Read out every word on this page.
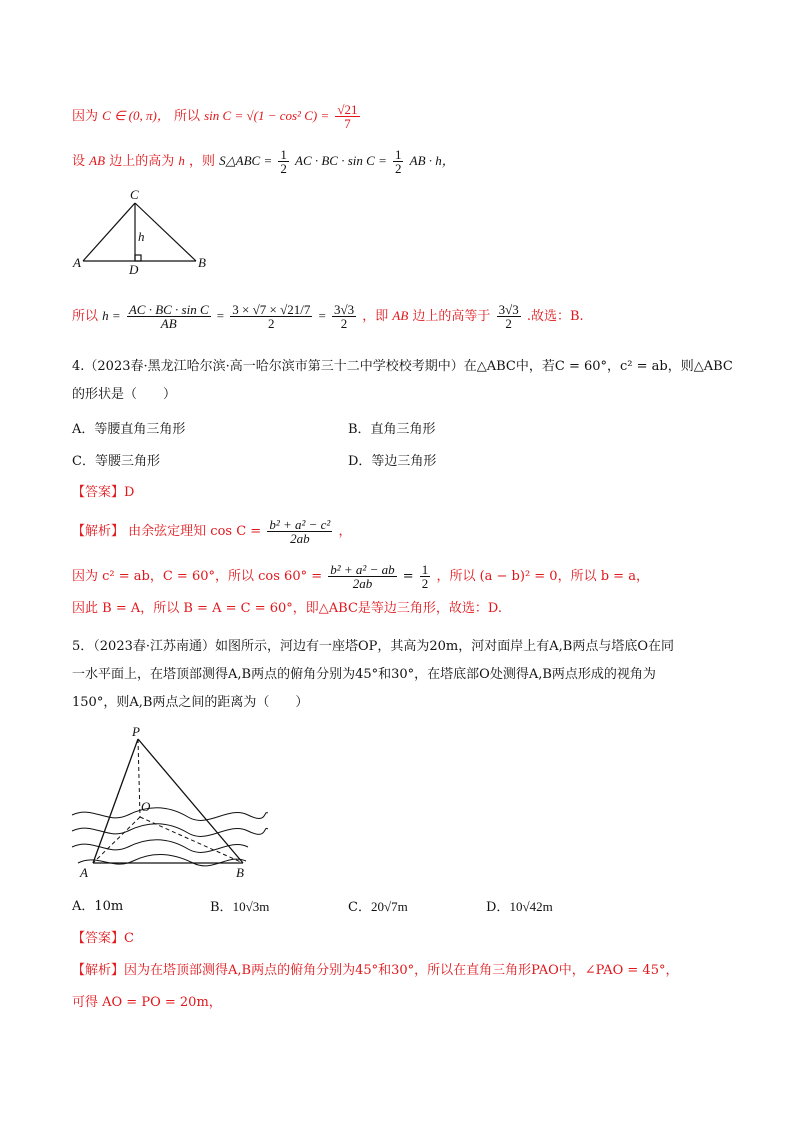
因为 C ∈ (0, π)， 所以 sin C = √(1 − cos² $C) = \frac{√21}{7}$
设 AB 边上的高为 h ，则 S△ABC = $\frac{1}{2}$ AC · BC · $\sin C = \frac{1}{2}$ AB · h，
C
A	B
D
h
所以 $h = \frac{\text{AC · BC · sin C}}{AB} = \frac{3 \times √7 \times √21/7}{2} = \frac{3√3}{2}$ ，即 AB 边上的高等于 $\frac{3√3}{2}$ .故选：B.
4.（2023春·黑龙江哈尔滨·高一哈尔滨市第三十二中学校校考期中）在△ABC中，若C = 60°，c² = ab，则△ABC
的形状是（　　）
A．等腰直角三角形	B．直角三角形
C．等腰三角形	D．等边三角形
【答案】D
【解析】 由余弦定理知 $\cos C = \frac{\text{b² + a² − c²}}{2ab}$ ，
因为 c² = ab，C = 60°，所以 $\cos 60^\circ = \frac{\text{b² + a² − ab}}{2ab} = \frac{1}{2}$ ，所以 (a − b)² = 0，所以 b = a，
因此 B = A，所以 B = A = C = 60°，即△ABC是等边三角形，故选：D.
5．（2023春·江苏南通）如图所示，河边有一座塔OP，其高为20m，河对面岸上有A,B两点与塔底O在同
一水平面上，在塔顶部测得A,B两点的俯角分别为45°和30°，在塔底部O处测得A,B两点形成的视角为
150°，则A,B两点之间的距离为（　　）
P
O
A	B
A．10m	B．10√3m	C．20√7m	D．10√42m
【答案】C
【解析】因为在塔顶部测得A,B两点的俯角分别为45°和30°，所以在直角三角形PAO中，∠PAO = 45°，
可得 AO = PO = 20m，
